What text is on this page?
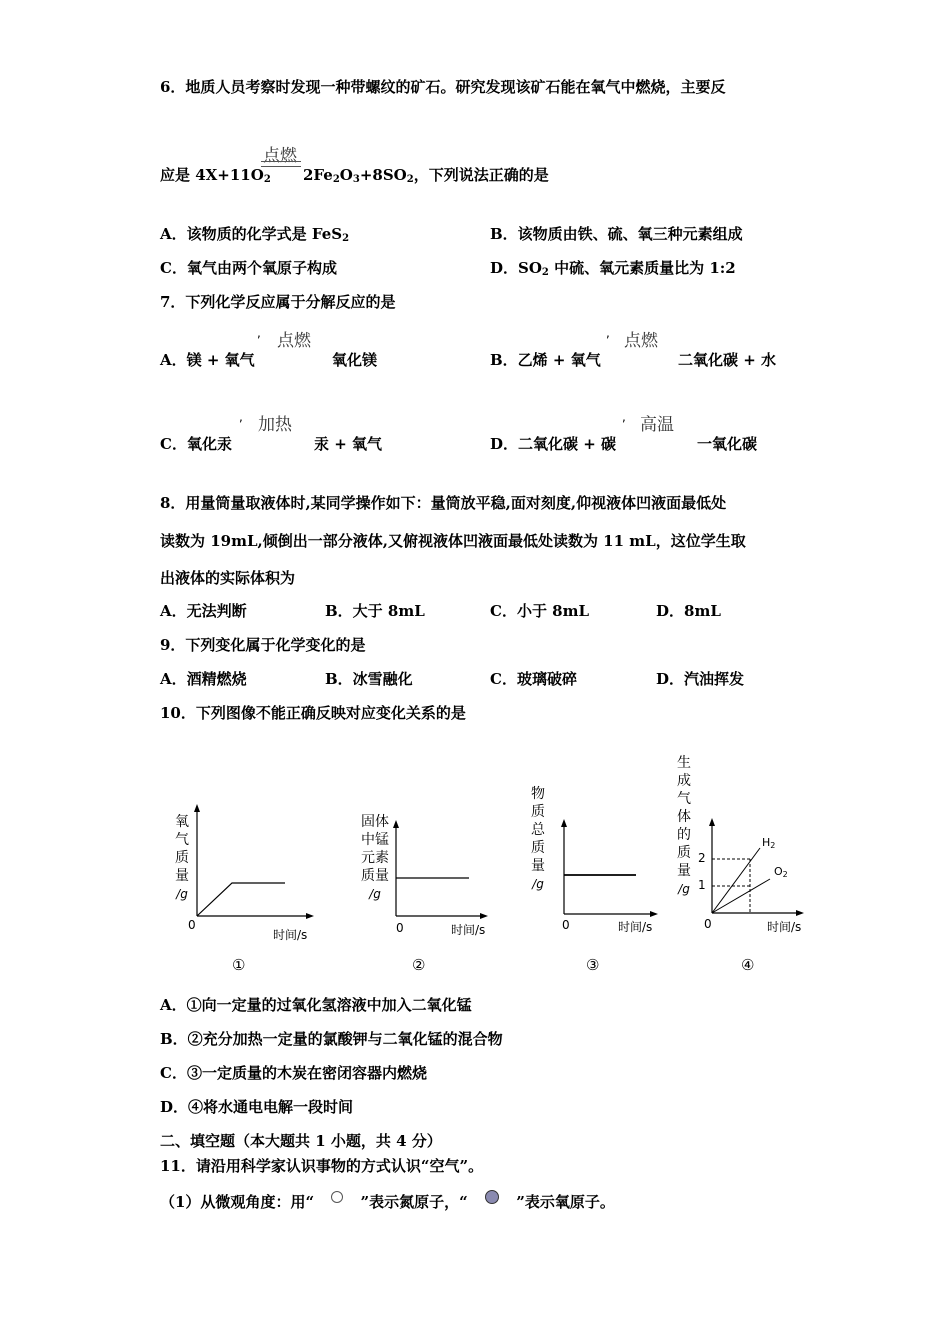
6．地质人员考察时发现一种带螺纹的矿石。研究发现该矿石能在氧气中燃烧，主要反
点燃
应是 $4X+11O_2$ $2Fe_2O_3+8SO_2$，下列说法正确的是
A．该物质的化学式是 FeS$_2$	B．该物质由铁、硫、氧三种元素组成
C．氧气由两个氧原子构成	D．$SO_2$ 中硫、氧元素质量比为 1:2
7．下列化学反应属于分解反应的是
, 点燃
A．镁 + 氧气	氧化镁
, 点燃
B．乙烯 + 氧气	二氧化碳 + 水
, 加热
C．氧化汞	汞 + 氧气
, 高温
D．二氧化碳 + 碳	一氧化碳
8．用量筒量取液体时,某同学操作如下：量筒放平稳,面对刻度,仰视液体凹液面最低处
读数为 19mL,倾倒出一部分液体,又俯视液体凹液面最低处读数为 11 mL，这位学生取
出液体的实际体积为
A．无法判断	B．大于 8mL	C．小于 8mL	D．8mL
9．下列变化属于化学变化的是
A．酒精燃烧	B．冰雪融化	C．玻璃破碎	D．汽油挥发
10．下列图像不能正确反映对应变化关系的是
氧
气
质
量
/g
0
时间/s
①
固体
中锰
元素
质量
/g
0	时间/s
②
物
质
总
质
量
/g
0	时间/s
③
生
成
气
体
的
质
量
/g
2
1
$H_2$
$O_2$
0	时间/s
④
A．①向一定量的过氧化氢溶液中加入二氧化锰
B．②充分加热一定量的氯酸钾与二氧化锰的混合物
C．③一定质量的木炭在密闭容器内燃烧
D．④将水通电电解一段时间
二、填空题（本大题共 1 小题，共 4 分）
11．请沿用科学家认识事物的方式认识“空气”。
（1）从微观角度：用“	”表示氮原子，“	”表示氧原子。
